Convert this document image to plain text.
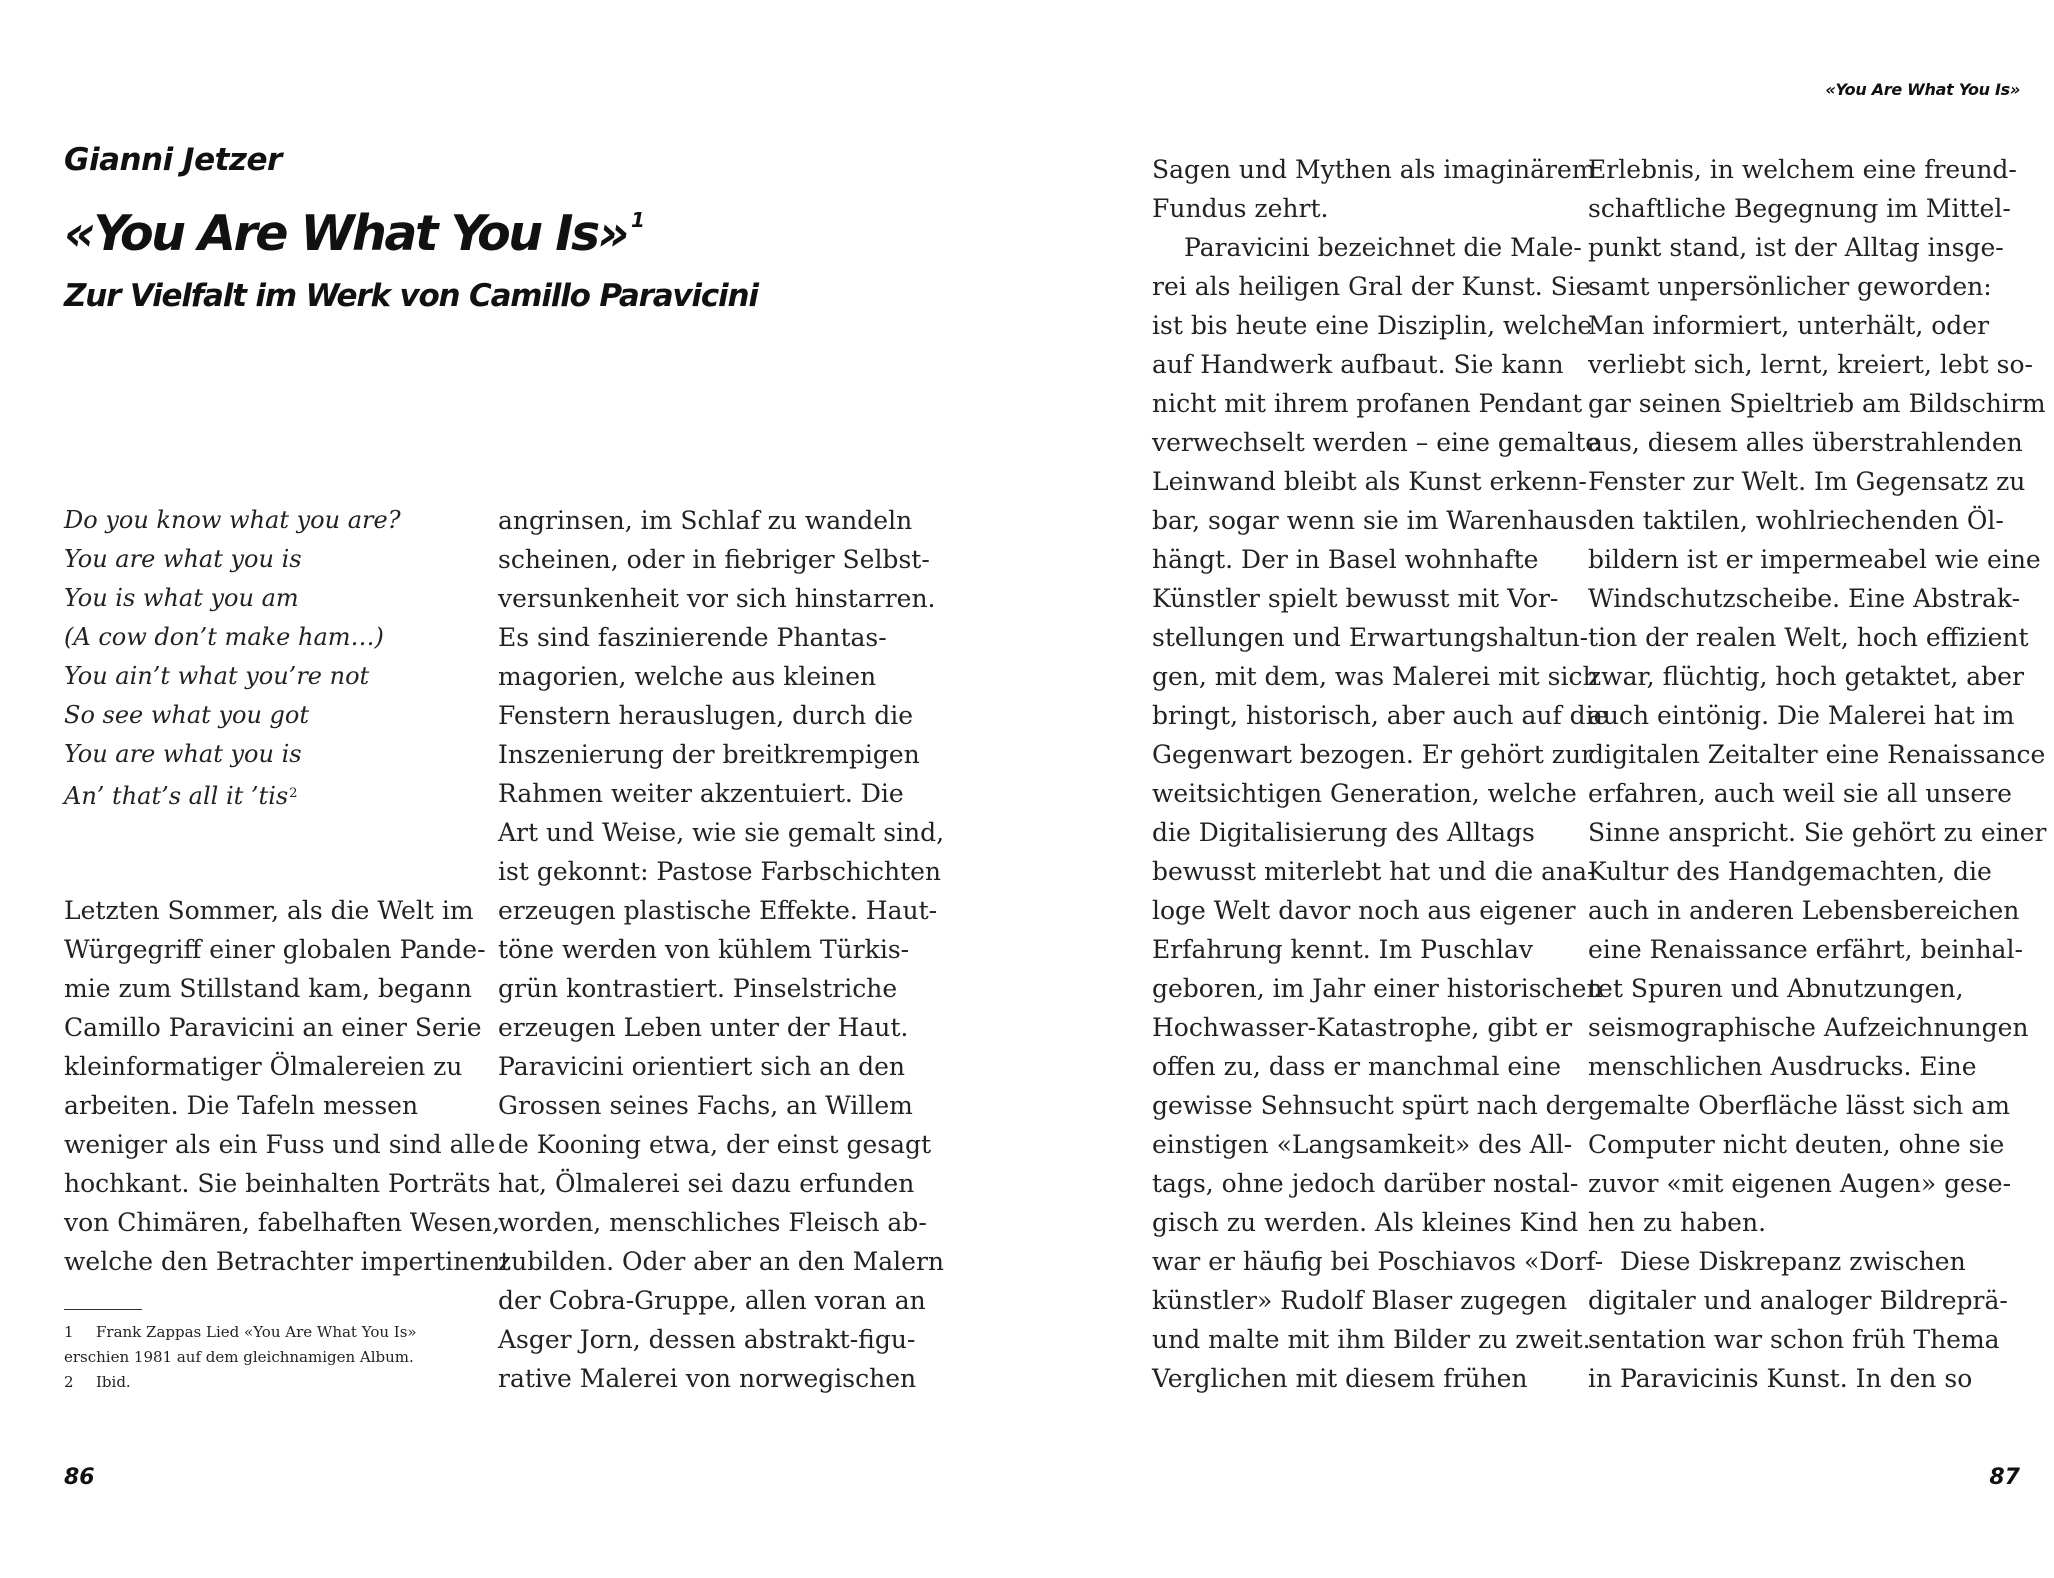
Gianni Jetzer
«You Are What You Is» $^1$
Zur Vielfalt im Werk von Camillo Paravicini
Do you know what you are?
You are what you is
You is what you am
(A cow don’t make ham…)
You ain’t what you’re not
So see what you got
You are what you is
An’ that’s all it ’tis$^2$
Letzten Sommer, als die Welt im
Würgegriff einer globalen Pande-
mie zum Stillstand kam, begann
Camillo Paravicini an einer Serie
kleinformatiger Ölmalereien zu
arbeiten. Die Tafeln messen
weniger als ein Fuss und sind alle
hochkant. Sie beinhalten Porträts
von Chimären, fabelhaften Wesen,
welche den Betrachter impertinent
1 Frank Zappas Lied «You Are What You Is»
erschien 1981 auf dem gleichnamigen Album.
2 Ibid.
angrinsen, im Schlaf zu wandeln
scheinen, oder in fiebriger Selbst-
versunkenheit vor sich hinstarren.
Es sind faszinierende Phantas-
magorien, welche aus kleinen
Fenstern herauslugen, durch die
Inszenierung der breitkrempigen
Rahmen weiter akzentuiert. Die
Art und Weise, wie sie gemalt sind,
ist gekonnt: Pastose Farbschichten
erzeugen plastische Effekte. Haut-
töne werden von kühlem Türkis-
grün kontrastiert. Pinselstriche
erzeugen Leben unter der Haut.
Paravicini orientiert sich an den
Grossen seines Fachs, an Willem
de Kooning etwa, der einst gesagt
hat, Ölmalerei sei dazu erfunden
worden, menschliches Fleisch ab-
zubilden. Oder aber an den Malern
der Cobra-Gruppe, allen voran an
Asger Jorn, dessen abstrakt-figu-
rative Malerei von norwegischen
86
«You Are What You Is»
Sagen und Mythen als imaginärem
Fundus zehrt.
Paravicini bezeichnet die Male-
rei als heiligen Gral der Kunst. Sie
ist bis heute eine Disziplin, welche
auf Handwerk aufbaut. Sie kann
nicht mit ihrem profanen Pendant
verwechselt werden – eine gemalte
Leinwand bleibt als Kunst erkenn-
bar, sogar wenn sie im Warenhaus
hängt. Der in Basel wohnhafte
Künstler spielt bewusst mit Vor-
stellungen und Erwartungshaltun-
gen, mit dem, was Malerei mit sich
bringt, historisch, aber auch auf die
Gegenwart bezogen. Er gehört zur
weitsichtigen Generation, welche
die Digitalisierung des Alltags
bewusst miterlebt hat und die ana-
loge Welt davor noch aus eigener
Erfahrung kennt. Im Puschlav
geboren, im Jahr einer historischen
Hochwasser-Katastrophe, gibt er
offen zu, dass er manchmal eine
gewisse Sehnsucht spürt nach der
einstigen «Langsamkeit» des All-
tags, ohne jedoch darüber nostal-
gisch zu werden. Als kleines Kind
war er häufig bei Poschiavos «Dorf-
künstler» Rudolf Blaser zugegen
und malte mit ihm Bilder zu zweit.
Verglichen mit diesem frühen
Erlebnis, in welchem eine freund-
schaftliche Begegnung im Mittel-
punkt stand, ist der Alltag insge-
samt unpersönlicher geworden:
Man informiert, unterhält, oder
verliebt sich, lernt, kreiert, lebt so-
gar seinen Spieltrieb am Bildschirm
aus, diesem alles überstrahlenden
Fenster zur Welt. Im Gegensatz zu
den taktilen, wohlriechenden Öl-
bildern ist er impermeabel wie eine
Windschutzscheibe. Eine Abstrak-
tion der realen Welt, hoch effizient
zwar, flüchtig, hoch getaktet, aber
auch eintönig. Die Malerei hat im
digitalen Zeitalter eine Renaissance
erfahren, auch weil sie all unsere
Sinne anspricht. Sie gehört zu einer
Kultur des Handgemachten, die
auch in anderen Lebensbereichen
eine Renaissance erfährt, beinhal-
tet Spuren und Abnutzungen,
seismographische Aufzeichnungen
menschlichen Ausdrucks. Eine
gemalte Oberfläche lässt sich am
Computer nicht deuten, ohne sie
zuvor «mit eigenen Augen» gese-
hen zu haben.
Diese Diskrepanz zwischen
digitaler und analoger Bildreprä-
sentation war schon früh Thema
in Paravicinis Kunst. In den so
87
